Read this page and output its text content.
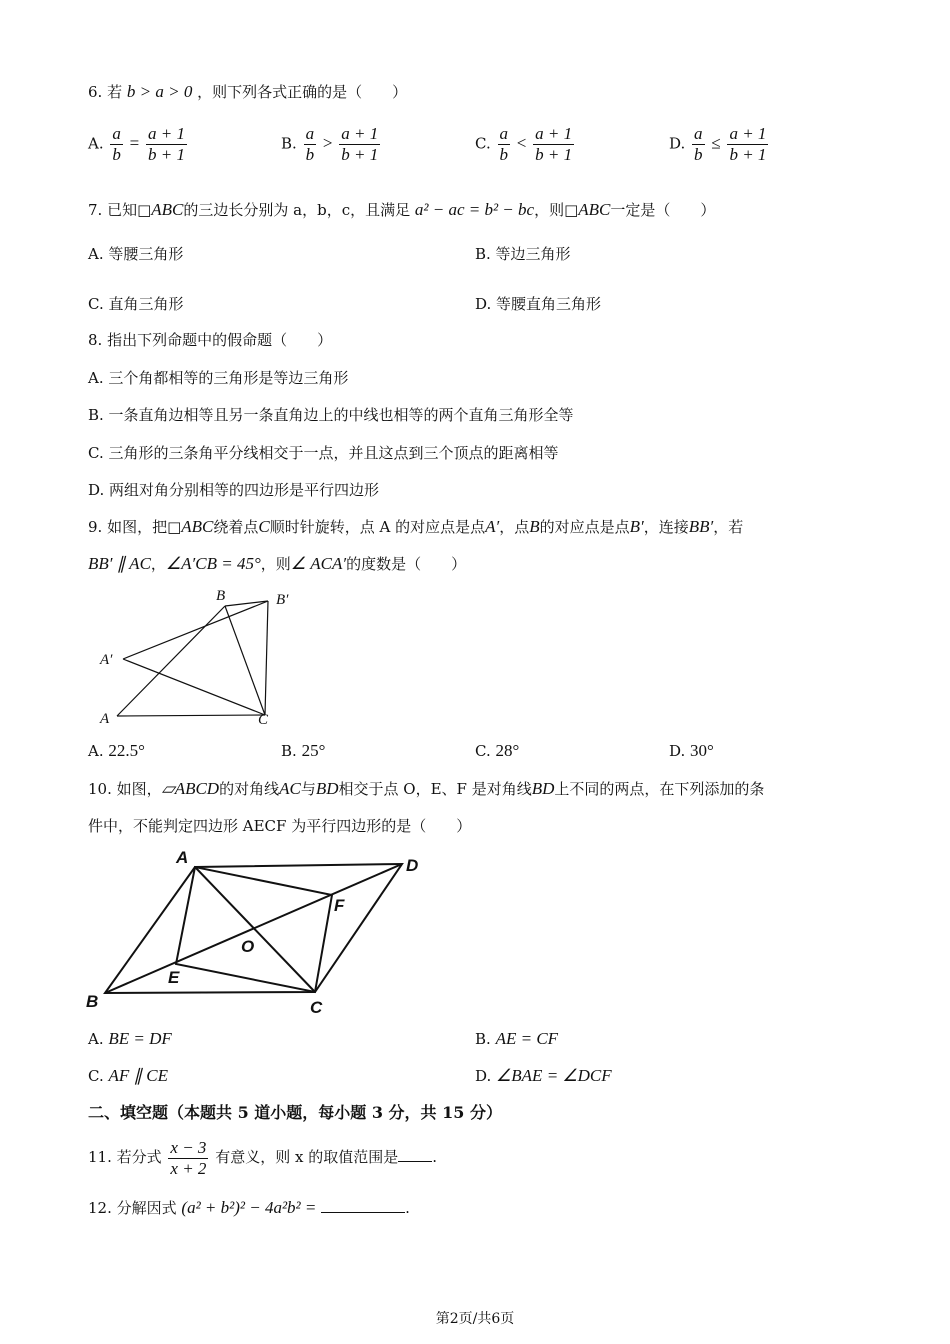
6. 若 b > a > 0 ，则下列各式正确的是（　　）
A. $\frac{a}{b} = \frac{a + 1}{b + 1}$	B. $\frac{a}{b} > \frac{a + 1}{b + 1}$	C. $\frac{a}{b} < \frac{a + 1}{b + 1}$	D. $\frac{a}{b} \le \frac{a + 1}{b + 1}$
7. 已知□ABC的三边长分别为 a，b，c，且满足 a² − ac = b² − bc，则□ABC一定是（　　）
A. 等腰三角形	B. 等边三角形
C. 直角三角形	D. 等腰直角三角形
8. 指出下列命题中的假命题（　　）
A. 三个角都相等的三角形是等边三角形
B. 一条直角边相等且另一条直角边上的中线也相等的两个直角三角形全等
C. 三角形的三条角平分线相交于一点，并且这点到三个顶点的距离相等
D. 两组对角分别相等的四边形是平行四边形
9. 如图，把□ABC绕着点C顺时针旋转，点 A 的对应点是点A′，点B的对应点是点B′，连接BB′，若
BB′ ∥ AC，∠A′CB = 45°，则∠ ACA′的度数是（　　）
B	B′
A′
A	C
A. 22.5°	B. 25°	C. 28°	D. 30°
10. 如图，▱ABCD的对角线AC与BD相交于点 O，E、F 是对角线BD上不同的两点，在下列添加的条
件中，不能判定四边形 AECF 为平行四边形的是（　　）
A	D
F
O
E
B	C
A. BE = DF	B. AE = CF
C. AF ∥ CE	D. ∠BAE = ∠DCF
二、填空题（本题共 5 道小题，每小题 3 分，共 15 分）
11. 若分式 $\frac{x - 3}{x + 2}$ 有意义，则 x 的取值范围是 .
12. 分解因式 (a² + b²)² − 4a²b² =	.
第2页/共6页
